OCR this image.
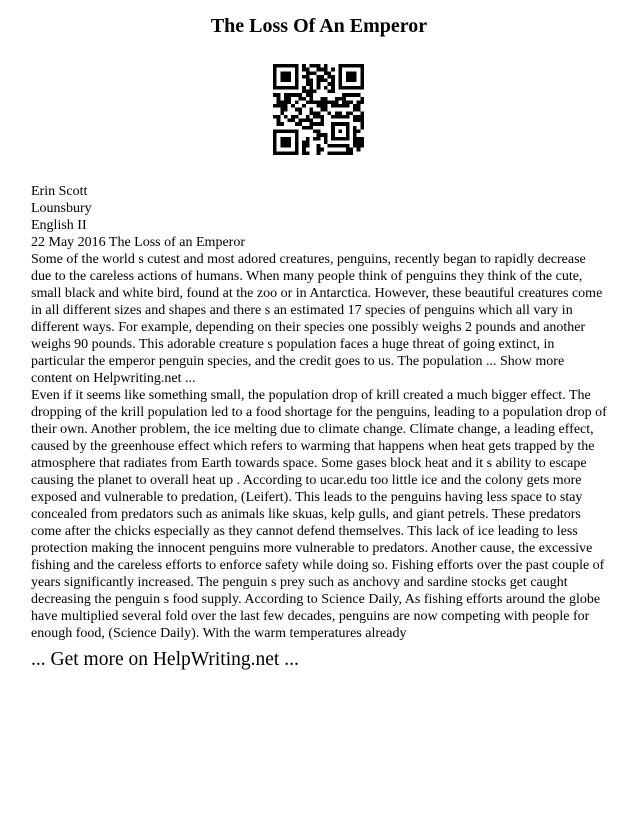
The Loss Of An Emperor
Erin Scott
Lounsbury
English II
22 May 2016 The Loss of an Emperor
Some of the world s cutest and most adored creatures, penguins, recently began to rapidly decrease
due to the careless actions of humans. When many people think of penguins they think of the cute,
small black and white bird, found at the zoo or in Antarctica. However, these beautiful creatures come
in all different sizes and shapes and there s an estimated 17 species of penguins which all vary in
different ways. For example, depending on their species one possibly weighs 2 pounds and another
weighs 90 pounds. This adorable creature s population faces a huge threat of going extinct, in
particular the emperor penguin species, and the credit goes to us. The population ... Show more
content on Helpwriting.net ...
Even if it seems like something small, the population drop of krill created a much bigger effect. The
dropping of the krill population led to a food shortage for the penguins, leading to a population drop of
their own. Another problem, the ice melting due to climate change. Climate change, a leading effect,
caused by the greenhouse effect which refers to warming that happens when heat gets trapped by the
atmosphere that radiates from Earth towards space. Some gases block heat and it s ability to escape
causing the planet to overall heat up . According to ucar.edu too little ice and the colony gets more
exposed and vulnerable to predation, (Leifert). This leads to the penguins having less space to stay
concealed from predators such as animals like skuas, kelp gulls, and giant petrels. These predators
come after the chicks especially as they cannot defend themselves. This lack of ice leading to less
protection making the innocent penguins more vulnerable to predators. Another cause, the excessive
fishing and the careless efforts to enforce safety while doing so. Fishing efforts over the past couple of
years significantly increased. The penguin s prey such as anchovy and sardine stocks get caught
decreasing the penguin s food supply. According to Science Daily, As fishing efforts around the globe
have multiplied several fold over the last few decades, penguins are now competing with people for
enough food, (Science Daily). With the warm temperatures already
... Get more on HelpWriting.net ...
